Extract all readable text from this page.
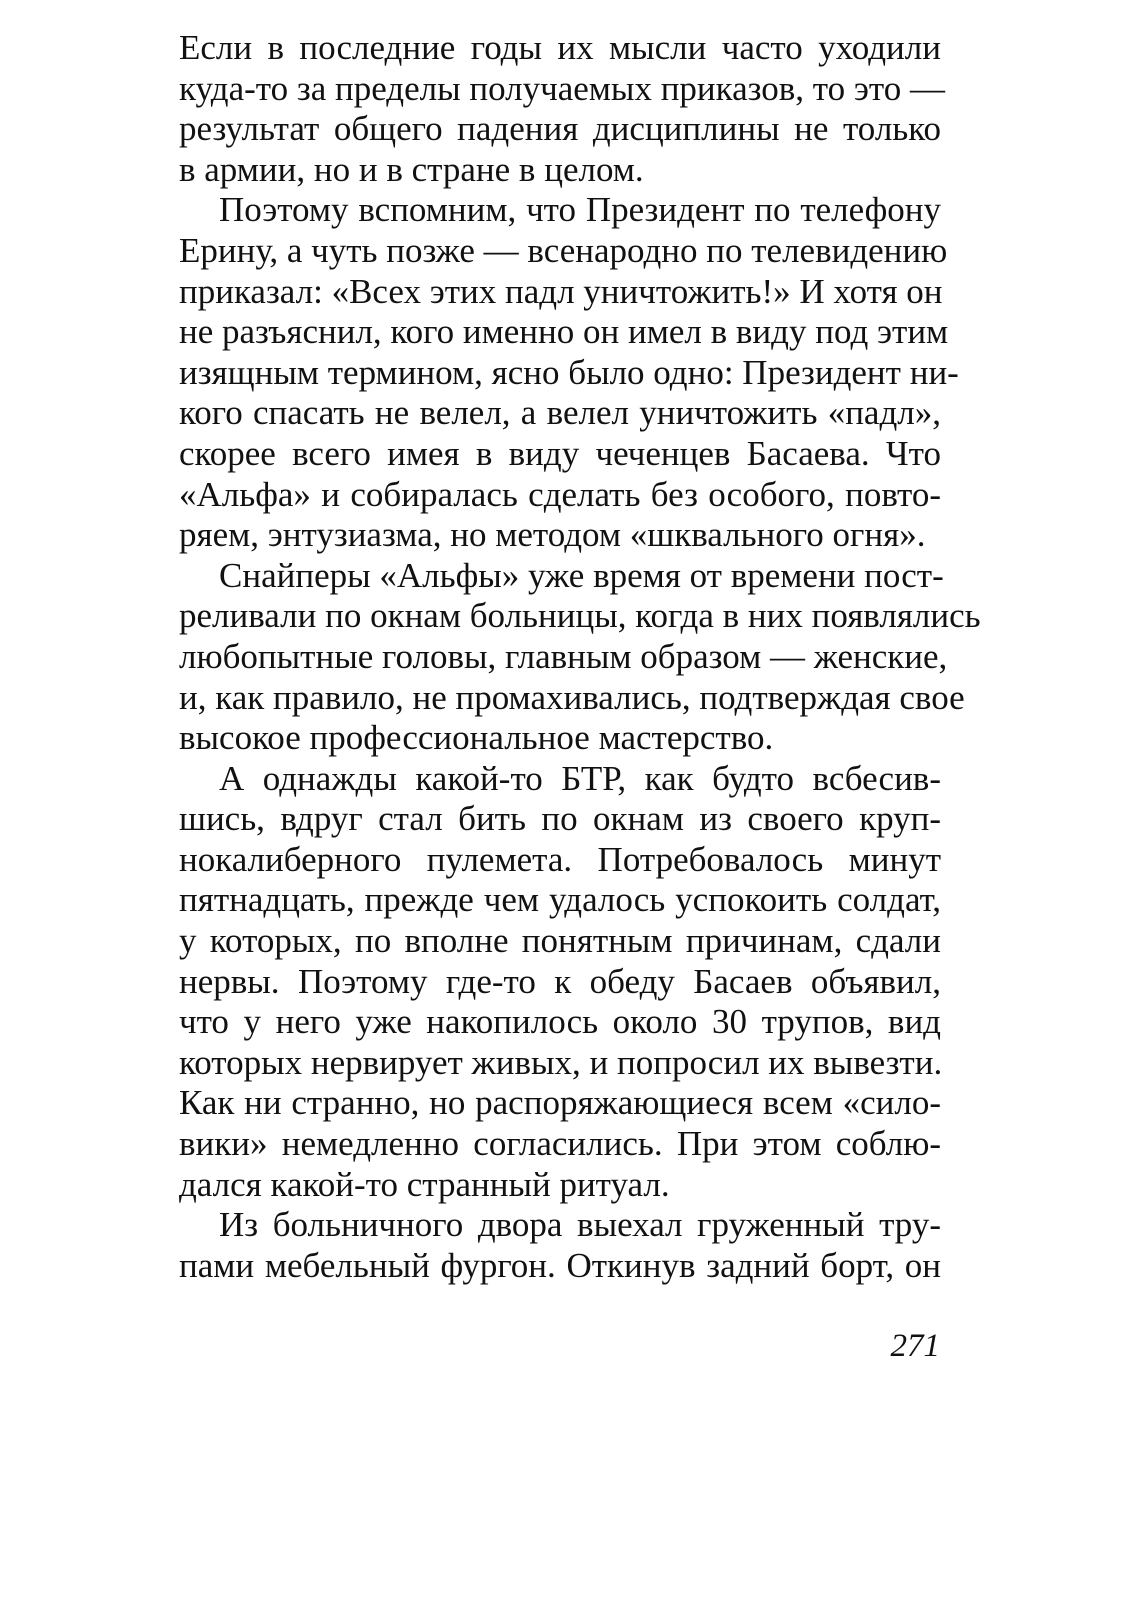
Если в последние годы их мысли часто уходили
куда-то за пределы получаемых приказов, то это —
результат общего падения дисциплины не только
в армии, но и в стране в целом.
Поэтому вспомним, что Президент по телефону
Ерину, а чуть позже — всенародно по телевидению
приказал: «Всех этих падл уничтожить!» И хотя он
не разъяснил, кого именно он имел в виду под этим
изящным термином, ясно было одно: Президент ни-
кого спасать не велел, а велел уничтожить «падл»,
скорее всего имея в виду чеченцев Басаева. Что
«Альфа» и собиралась сделать без особого, повто-
ряем, энтузиазма, но методом «шквального огня».
Снайперы «Альфы» уже время от времени пост-
реливали по окнам больницы, когда в них появлялись
любопытные головы, главным образом — женские,
и, как правило, не промахивались, подтверждая свое
высокое профессиональное мастерство.
А однажды какой-то БТР, как будто всбесив-
шись, вдруг стал бить по окнам из своего круп-
нокалиберного пулемета. Потребовалось минут
пятнадцать, прежде чем удалось успокоить солдат,
у которых, по вполне понятным причинам, сдали
нервы. Поэтому где-то к обеду Басаев объявил,
что у него уже накопилось около 30 трупов, вид
которых нервирует живых, и попросил их вывезти.
Как ни странно, но распоряжающиеся всем «сило-
вики» немедленно согласились. При этом соблю-
дался какой-то странный ритуал.
Из больничного двора выехал груженный тру-
пами мебельный фургон. Откинув задний борт, он
271
